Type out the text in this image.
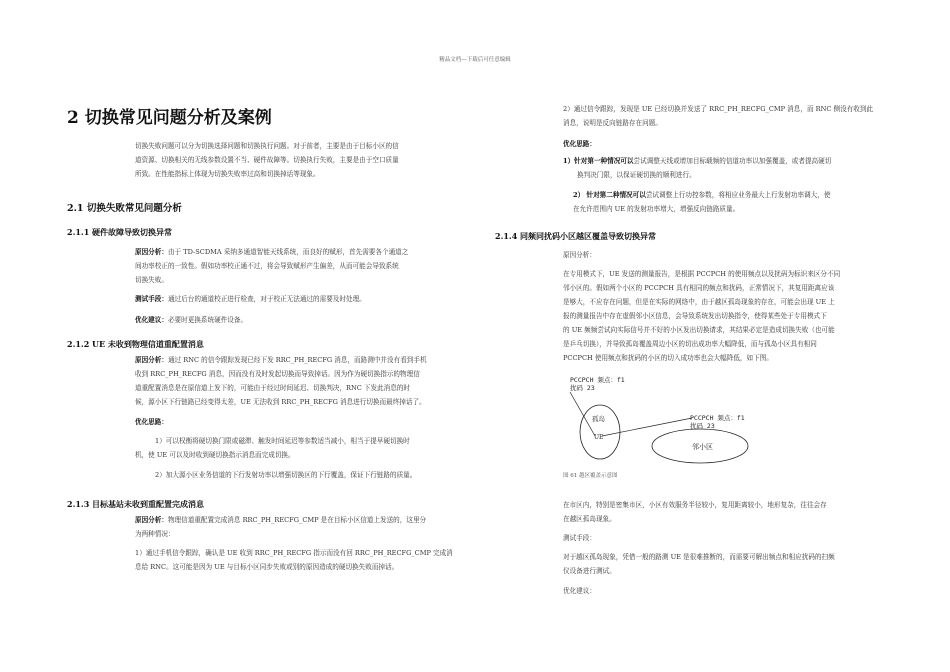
精品文档---下载后可任意编辑
2 切换常见问题分析及案例
切换失败问题可以分为切换选择问题和切换执行问题。对于前者，主要是由于目标小区的信
道资源、切换相关的无线参数设置不当、硬件故障等。切换执行失败，主要是由于空口质量
所致。在性能指标上体现为切换失败率过高和切换掉话等现象。
2.1 切换失败常见问题分析
2.1.1 硬件故障导致切换异常
原因分析：由于 TD-SCDMA 采纳多通道智能天线系统，而良好的赋形，首先需要各个通道之
间功率校正的一致性。假如功率校正通不过，将会导致赋形产生偏差，从而可能会导致系统
切换失败。
测试手段：通过后台的通道校正进行检查，对于校正无法通过的需要及时处理。
优化建议：必要时更换系统硬件设备。
2.1.2 UE 未收到物理信道重配置消息
原因分析：通过 RNC 的信令跟踪发现已经下发 RRC_PH_RECFG 消息，而路测中并没有看到手机
收到 RRC_PH_RECFG 消息，因而没有及时发起切换而导致掉话。因为作为硬切换指示的物理信
道重配置消息是在原信道上发下的，可能由于经过时间延迟、切换判决，RNC 下发此消息的时
候，源小区下行链路已经变得太差，UE 无法收到 RRC_PH_RECFG 消息进行切换而最终掉话了。
优化思路：
1）可以权衡将硬切换门限或磁滞、触发时间延迟等参数适当减小，相当于提早硬切换时
机，使 UE 可以及时收到硬切换指示消息而完成切换。
2）加大源小区业务信道的下行发射功率以增强切换区的下行覆盖，保证下行链路的质量。
2.1.3 目标基站未收到重配置完成消息
原因分析：物理信道重配置完成消息 RRC_PH_RECFG_CMP 是在目标小区信道上发送的，这里分
为两种情况：
1）通过手机信令跟踪，确认是 UE 收到 RRC_PH_RECFG 指示而没有回 RRC_PH_RECFG_CMP 完成消
息给 RNC。这可能是因为 UE 与目标小区同步失败或别的原因造成的硬切换失败而掉话。
2）通过信令跟踪，发现是 UE 已经切换并发送了 RRC_PH_RECFG_CMP 消息，而 RNC 侧没有收到此
消息，说明是反向链路存在问题。
优化思路：
1）针对第一种情况可以尝试调整天线或增加目标载频的信道功率以加强覆盖，或者提高硬切
换判决门限，以保证硬切换的顺利进行。
2） 针对第二种情况可以尝试调整上行功控参数，将相应业务最大上行发射功率调大，使
在允许范围内 UE 的发射功率增大，增强反向链路质量。
2.1.4 同频同扰码小区越区覆盖导致切换异常
原因分析：
在专用模式下，UE 发送的测量报告，是根据 PCCPCH 的使用频点以及扰码为标识来区分不同
邻小区的。假如两个小区的 PCCPCH 具有相同的频点和扰码，正常情况下，其复用距离应该
是够大，不应存在问题，但是在实际的网络中，由于越区孤岛现象的存在，可能会出现 UE 上
报的测量报告中存在虚假邻小区信息，会导致系统发出切换指令，使得某些处于专用模式下
的 UE 频频尝试向实际信号并不好的小区发出切换请求，其结果必定是造成切换失败（也可能
是乒乓切换），并导致孤岛覆盖周边小区的切出成功率大幅降低，而与孤岛小区具有相同
PCCPCH 使用频点和扰码的小区的切入成功率也会大幅降低，如下图。
PCCPCH 频点：f1
扰码 23
PCCPCH 频点：f1
扰码 23
孤岛
UE
邻小区
图 61 越区覆盖示意图
在市区内，特别是密集市区，小区有效服务半径较小，复用距离较小，地形复杂，往往会存
在越区孤岛现象。
测试手段：
对于越区孤岛现象，凭借一般的路测 UE 是很难推断的，而需要可解出频点和相应扰码的扫频
仪设备进行测试。
优化建议：
